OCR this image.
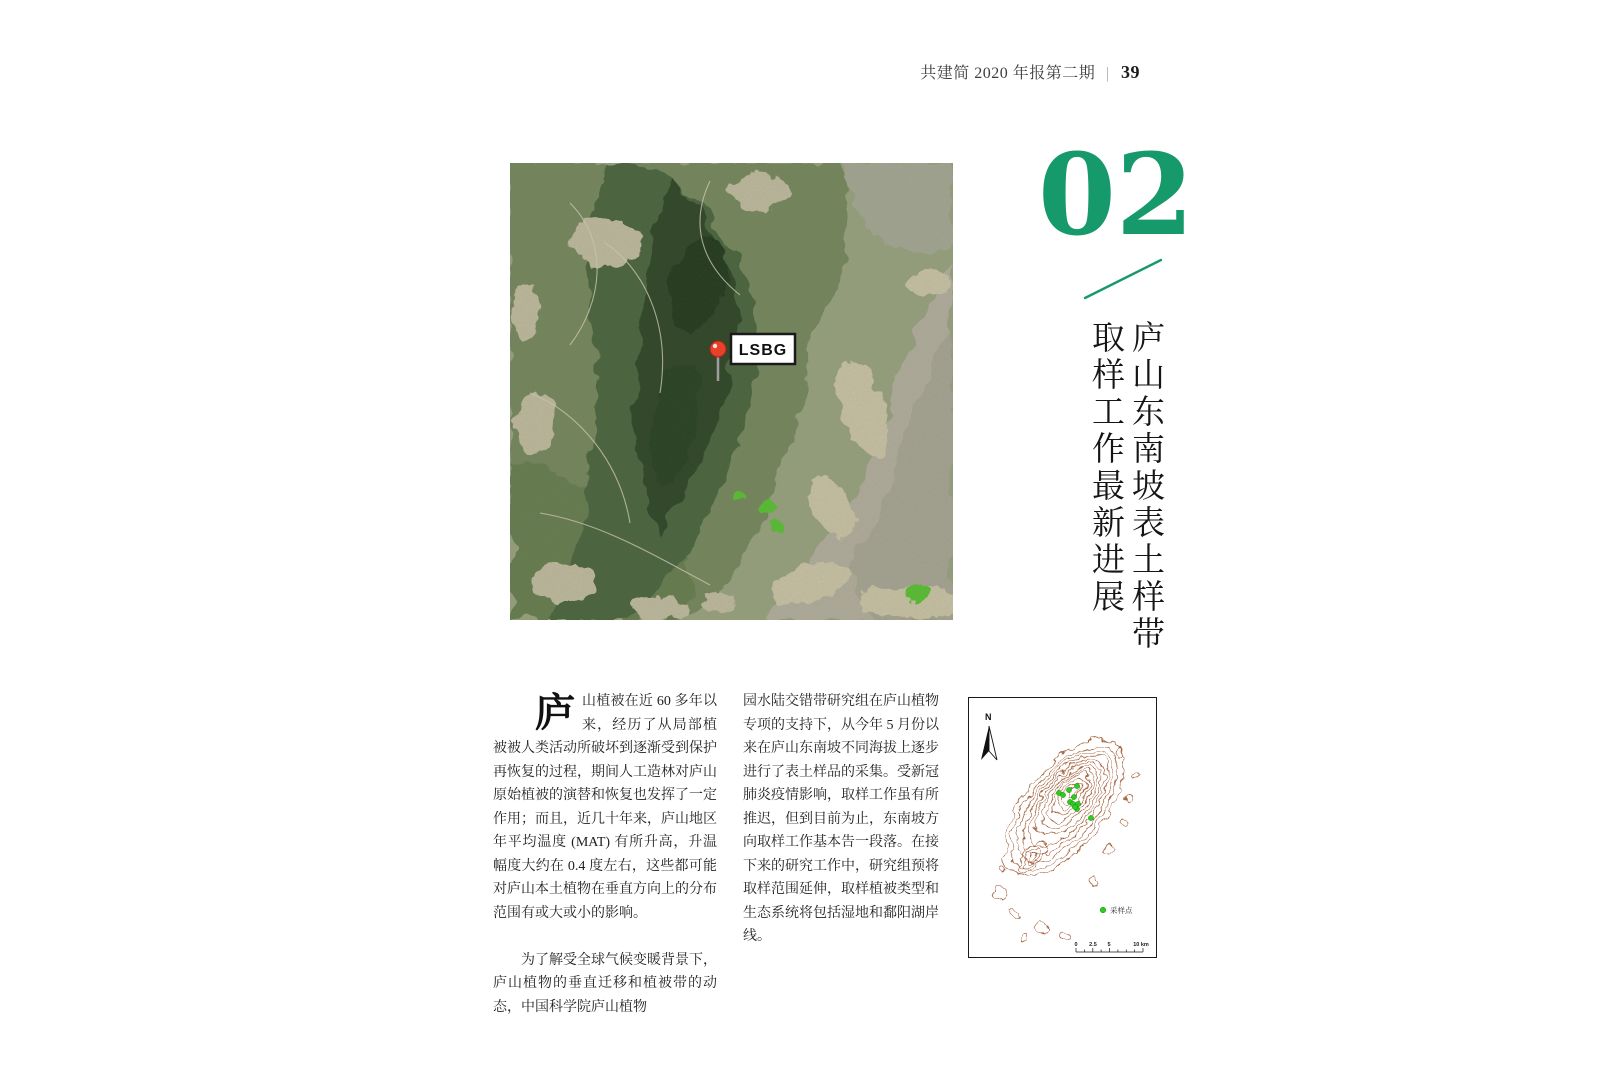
共建简 2020 年报第二期 | 39
LSBG
02
庐山东南坡表土样带
取样工作最新进展

庐山植被在近 60 多年以来，经历了从局部植被被人类活动所破坏到逐渐受到保护再恢复的过程，期间人工造林对庐山原始植被的演替和恢复也发挥了一定作用；而且，近几十年来，庐山地区年平均温度 (MAT) 有所升高，升温幅度大约在 0.4 度左右，这些都可能对庐山本土植物在垂直方向上的分布范围有或大或小的影响。

为了解受全球气候变暖背景下，庐山植物的垂直迁移和植被带的动态，中国科学院庐山植物

园水陆交错带研究组在庐山植物专项的支持下，从今年 5 月份以来在庐山东南坡不同海拔上逐步进行了表土样品的采集。受新冠肺炎疫情影响，取样工作虽有所推迟，但到目前为止，东南坡方向取样工作基本告一段落。在接下来的研究工作中，研究组预将取样范围延伸，取样植被类型和生态系统将包括湿地和鄱阳湖岸线。

N
采样点
0 2.5 5	10 km
